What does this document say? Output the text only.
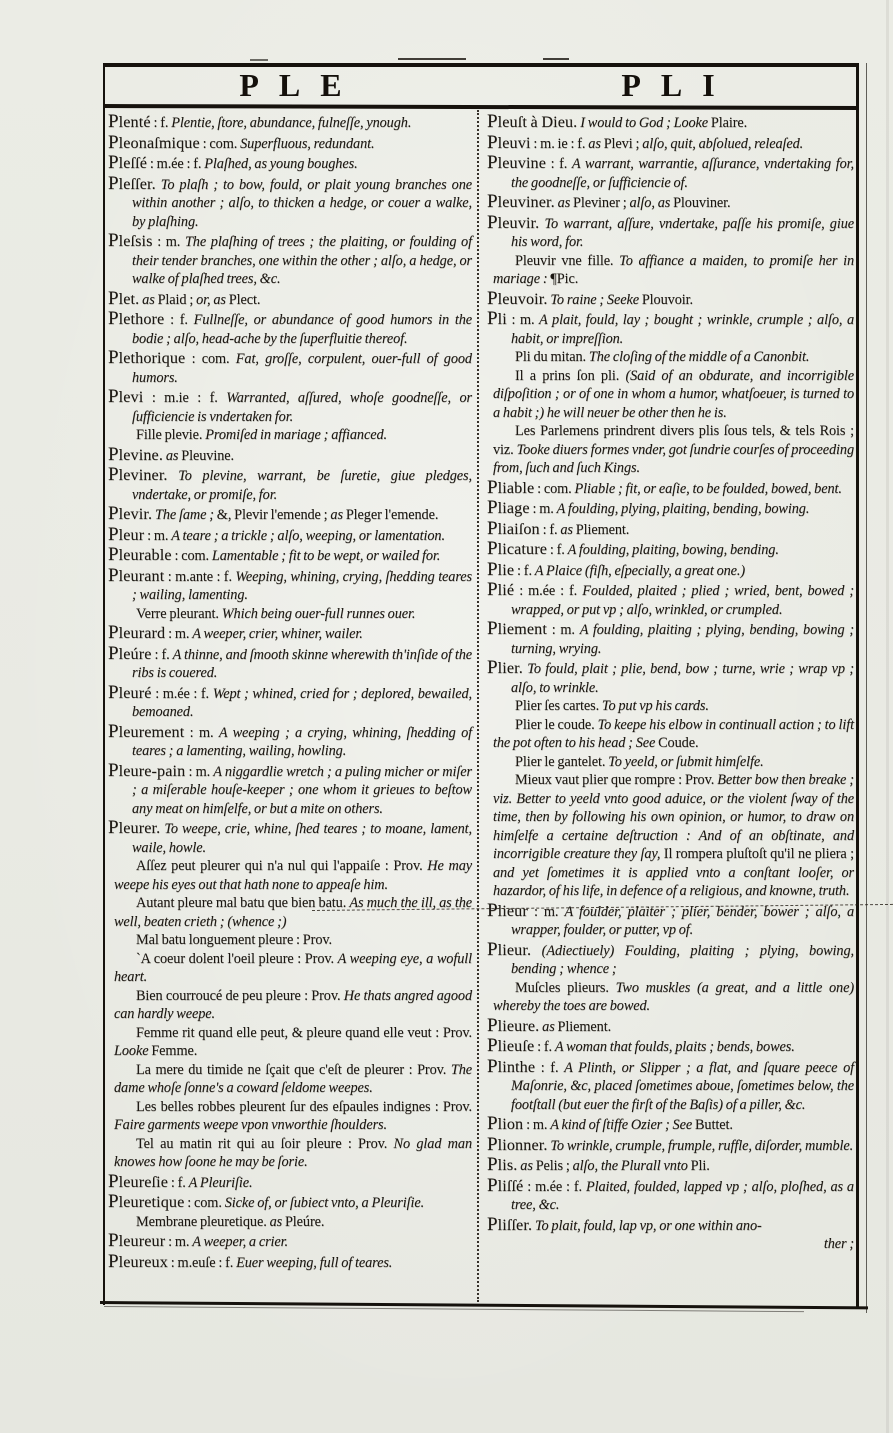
PLE	PLI

Plenté : f. Plentie, ſtore, abundance, fulneſſe, ynough.

Pleonaſmique : com. Superfluous, redundant.

Pleſſé : m.ée : f. Plaſhed, as young boughes.

Pleſſer. To plaſh ; to bow, fould, or plait young branches one within another ; alſo, to thicken a hedge, or couer a walke, by plaſhing.

Pleſsis : m. The plaſhing of trees ; the plaiting, or foulding of their tender branches, one within the other ; alſo, a hedge, or walke of plaſhed trees, &c.

Plet. as Plaid ; or, as Plect.

Plethore : f. Fullneſſe, or abundance of good humors in the bodie ; alſo, head-ache by the ſuperfluitie thereof.

Plethorique : com. Fat, groſſe, corpulent, ouer-full of good humors.

Plevi : m.ie : f. Warranted, aſſured, whoſe goodneſſe, or ſufficiencie is vndertaken for.

Fille plevie. Promiſed in mariage ; affianced.

Plevine. as Pleuvine.

Pleviner. To plevine, warrant, be ſuretie, giue pledges, vndertake, or promiſe, for.

Plevir. The ſame ; &, Plevir l'emende ; as Pleger l'emende.

Pleur : m. A teare ; a trickle ; alſo, weeping, or lamentation.

Pleurable : com. Lamentable ; fit to be wept, or wailed for.

Pleurant : m.ante : f. Weeping, whining, crying, ſhedding teares ; wailing, lamenting.

Verre pleurant. Which being ouer-full runnes ouer.

Pleurard : m. A weeper, crier, whiner, wailer.

Pleúre : f. A thinne, and ſmooth skinne wherewith th'inſide of the ribs is couered.

Pleuré : m.ée : f. Wept ; whined, cried for ; deplored, bewailed, bemoaned.

Pleurement : m. A weeping ; a crying, whining, ſhedding of teares ; a lamenting, wailing, howling.

Pleure-pain : m. A niggardlie wretch ; a puling micher or miſer ; a miſerable houſe-keeper ; one whom it grieues to beſtow any meat on himſelfe, or but a mite on others.

Pleurer. To weepe, crie, whine, ſhed teares ; to moane, lament, waile, howle.

Aſſez peut pleurer qui n'a nul qui l'appaiſe : Prov. He may weepe his eyes out that hath none to appeaſe him.

Autant pleure mal batu que bien batu. As much the ill, as the well, beaten crieth ; (whence ;)

Mal batu longuement pleure : Prov.

`A coeur dolent l'oeil pleure : Prov. A weeping eye, a wofull heart.

Bien courroucé de peu pleure : Prov. He thats angred agood can hardly weepe.

Femme rit quand elle peut, & pleure quand elle veut : Prov. Looke Femme.

La mere du timide ne ſçait que c'eſt de pleurer : Prov. The dame whoſe ſonne's a coward ſeldome weepes.

Les belles robbes pleurent ſur des eſpaules indignes : Prov. Faire garments weepe vpon vnworthie ſhoulders.

Tel au matin rit qui au ſoir pleure : Prov. No glad man knowes how ſoone he may be ſorie.

Pleureſie : f. A Pleuriſie.

Pleuretique : com. Sicke of, or ſubiect vnto, a Pleuriſie.

Membrane pleuretique. as Pleúre.

Pleureur : m. A weeper, a crier.

Pleureux : m.euſe : f. Euer weeping, full of teares.

Pleuſt à Dieu. I would to God ; Looke Plaire.

Pleuvi : m. ie : f. as Plevi ; alſo, quit, abſolued, releaſed.

Pleuvine : f. A warrant, warrantie, aſſurance, vndertaking for, the goodneſſe, or ſufficiencie of.

Pleuviner. as Pleviner ; alſo, as Plouviner.

Pleuvir. To warrant, aſſure, vndertake, paſſe his promiſe, giue his word, for.

Pleuvir vne fille. To affiance a maiden, to promiſe her in mariage : ¶Pic.

Pleuvoir. To raine ; Seeke Plouvoir.

Pli : m. A plait, fould, lay ; bought ; wrinkle, crumple ; alſo, a habit, or impreſſion.

Pli du mitan. The cloſing of the middle of a Canonbit.

Il a prins ſon pli. (Said of an obdurate, and incorrigible diſpoſition ; or of one in whom a humor, whatſoeuer, is turned to a habit ;) he will neuer be other then he is.

Les Parlemens prindrent divers plis ſous tels, & tels Rois ; viz. Tooke diuers formes vnder, got ſundrie courſes of proceeding from, ſuch and ſuch Kings.

Pliable : com. Pliable ; fit, or eaſie, to be foulded, bowed, bent.

Pliage : m. A foulding, plying, plaiting, bending, bowing.

Pliaiſon : f. as Pliement.

Plicature : f. A foulding, plaiting, bowing, bending.

Plie : f. A Plaice (fiſh, eſpecially, a great one.)

Plié : m.ée : f. Foulded, plaited ; plied ; wried, bent, bowed ; wrapped, or put vp ; alſo, wrinkled, or crumpled.

Pliement : m. A foulding, plaiting ; plying, bending, bowing ; turning, wrying.

Plier. To fould, plait ; plie, bend, bow ; turne, wrie ; wrap vp ; alſo, to wrinkle.

Plier ſes cartes. To put vp his cards.

Plier le coude. To keepe his elbow in continuall action ; to lift the pot often to his head ; See Coude.

Plier le gantelet. To yeeld, or ſubmit himſelfe.

Mieux vaut plier que rompre : Prov. Better bow then breake ; viz. Better to yeeld vnto good aduice, or the violent ſway of the time, then by following his own opinion, or humor, to draw on himſelfe a certaine deſtruction : And of an obſtinate, and incorrigible creature they ſay, Il rompera pluſtoſt qu'il ne pliera ; and yet ſometimes it is applied vnto a conſtant looſer, or hazardor, of his life, in defence of a religious, and knowne, truth.

Plieur : m. A foulder, plaiter ; plier, bender, bower ; alſo, a wrapper, foulder, or putter, vp of.

Plieur. (Adiectiuely) Foulding, plaiting ; plying, bowing, bending ; whence ;

Muſcles plieurs. Two muskles (a great, and a little one) whereby the toes are bowed.

Plieure. as Pliement.

Plieuſe : f. A woman that foulds, plaits ; bends, bowes.

Plinthe : f. A Plinth, or Slipper ; a flat, and ſquare peece of Maſonrie, &c, placed ſometimes aboue, ſometimes below, the footſtall (but euer the firſt of the Baſis) of a piller, &c.

Plion : m. A kind of ſtiffe Ozier ; See Buttet.

Plionner. To wrinkle, crumple, frumple, ruffle, diſorder, mumble.

Plis. as Pelis ; alſo, the Plurall vnto Pli.

Pliſſé : m.ée : f. Plaited, foulded, lapped vp ; alſo, ploſhed, as a tree, &c.

Pliſſer. To plait, fould, lap vp, or one within ano-

ther ;
